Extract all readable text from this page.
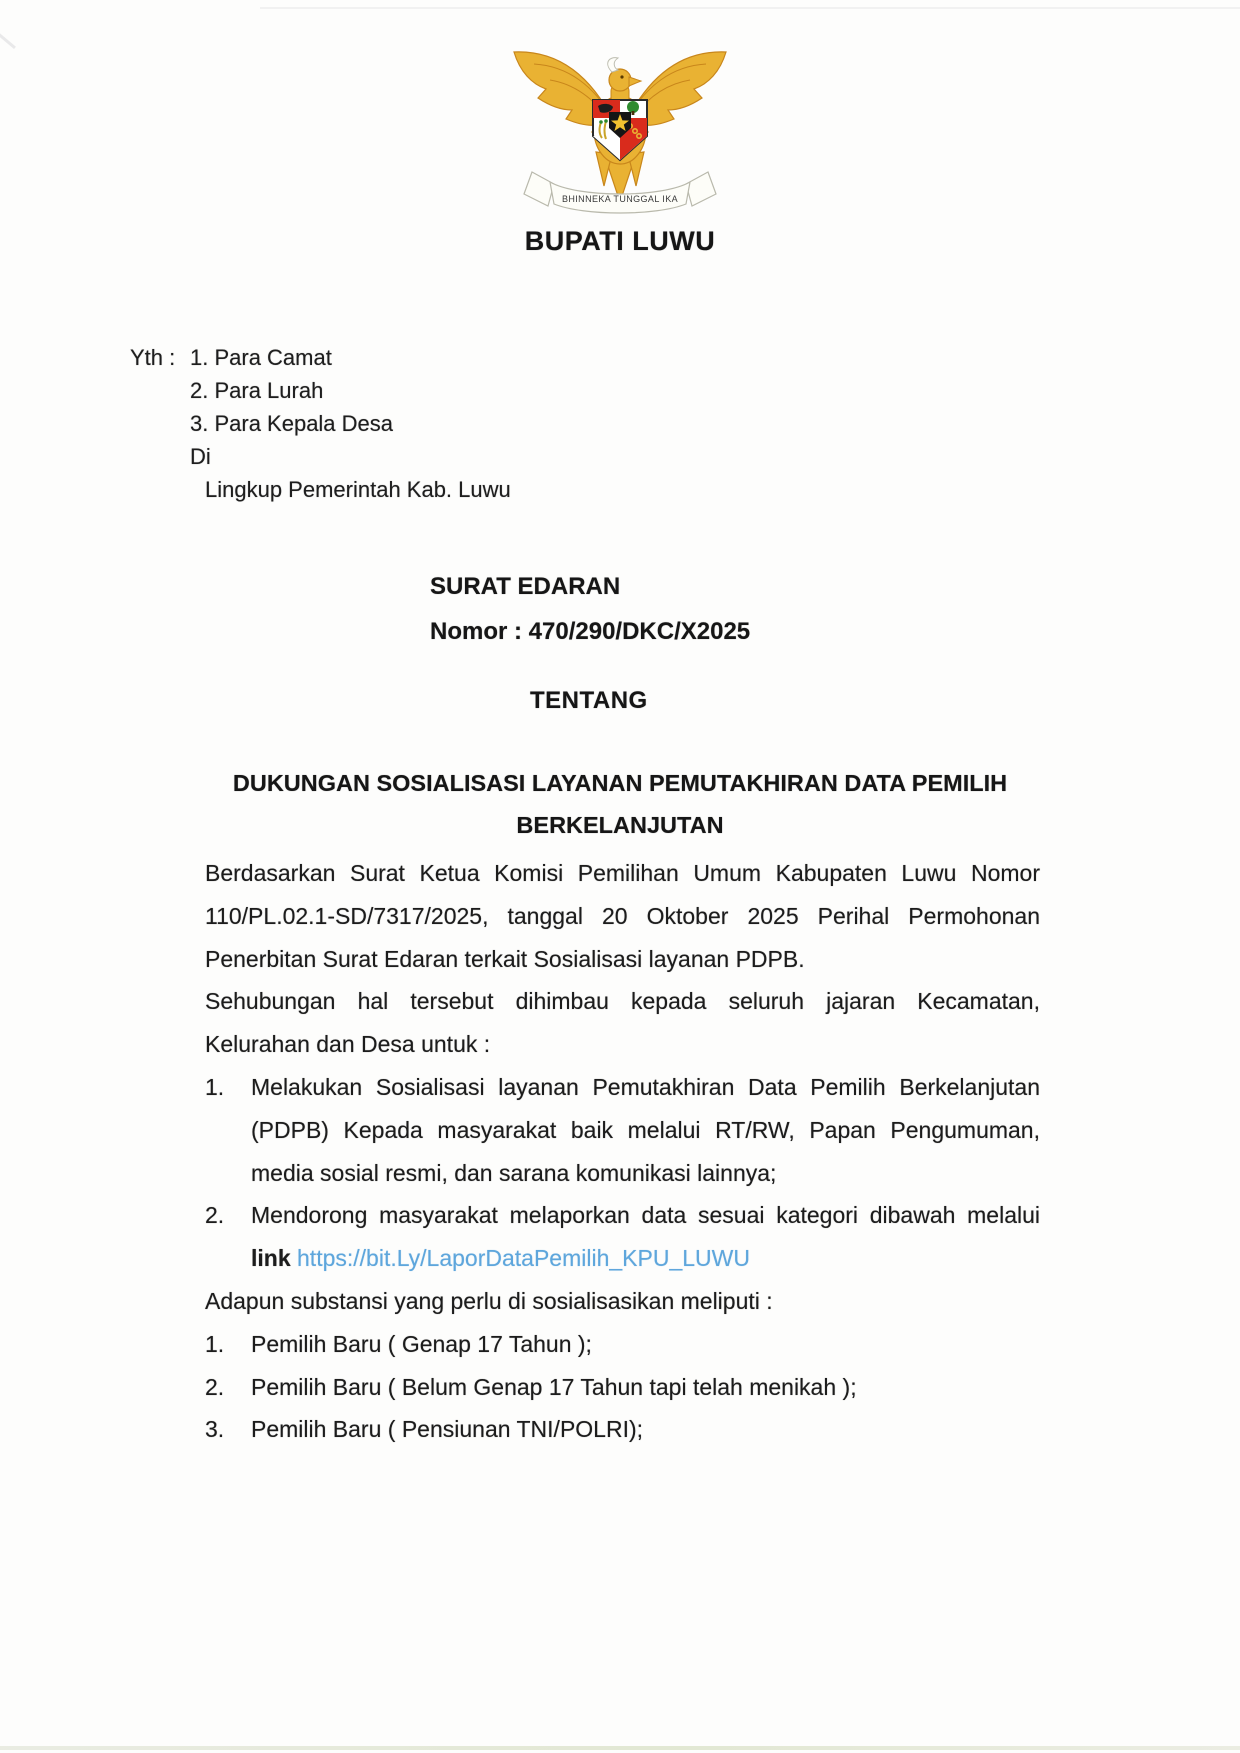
BHINNEKA TUNGGAL IKA
BUPATI LUWU
Yth : 1. Para Camat
2. Para Lurah
3. Para Kepala Desa
Di
Lingkup Pemerintah Kab. Luwu
SURAT EDARAN
Nomor : 470/290/DKC/X2025
TENTANG
DUKUNGAN SOSIALISASI LAYANAN PEMUTAKHIRAN DATA PEMILIH
BERKELANJUTAN
Berdasarkan Surat Ketua Komisi Pemilihan Umum Kabupaten Luwu Nomor 110/PL.02.1-SD/7317/2025, tanggal 20 Oktober 2025 Perihal Permohonan Penerbitan Surat Edaran terkait Sosialisasi layanan PDPB.
Sehubungan hal tersebut dihimbau kepada seluruh jajaran Kecamatan, Kelurahan dan Desa untuk :
1. Melakukan Sosialisasi layanan Pemutakhiran Data Pemilih Berkelanjutan (PDPB) Kepada masyarakat baik melalui RT/RW, Papan Pengumuman, media sosial resmi, dan sarana komunikasi lainnya;
2. Mendorong masyarakat melaporkan data sesuai kategori dibawah melalui link https://bit.Ly/LaporDataPemilih_KPU_LUWU
Adapun substansi yang perlu di sosialisasikan meliputi :
1. Pemilih Baru ( Genap 17 Tahun );
2. Pemilih Baru ( Belum Genap 17 Tahun tapi telah menikah );
3. Pemilih Baru ( Pensiunan TNI/POLRI);
